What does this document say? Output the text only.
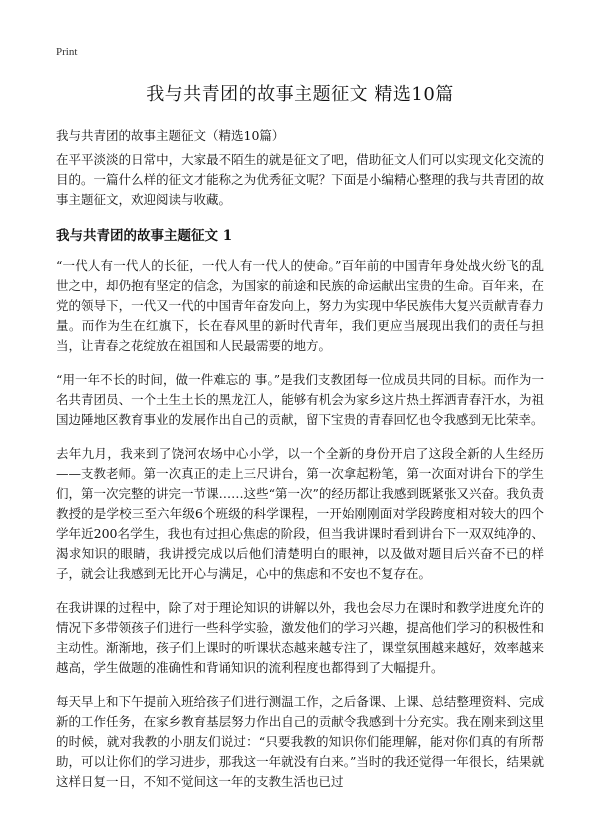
Print
我与共青团的故事主题征文 精选10篇
我与共青团的故事主题征文（精选10篇）

在平平淡淡的日常中，大家最不陌生的就是征文了吧，借助征文人们可以实现文化交流的目的。一篇什么样的征文才能称之为优秀征文呢？下面是小编精心整理的我与共青团的故事主题征文，欢迎阅读与收藏。

我与共青团的故事主题征文 1

“一代人有一代人的长征，一代人有一代人的使命。”百年前的中国青年身处战火纷飞的乱世之中，却仍抱有坚定的信念，为国家的前途和民族的命运献出宝贵的生命。百年来，在党的领导下，一代又一代的中国青年奋发向上，努力为实现中华民族伟大复兴贡献青春力量。而作为生在红旗下，长在春风里的新时代青年，我们更应当展现出我们的责任与担当，让青春之花绽放在祖国和人民最需要的地方。

“用一年不长的时间，做一件难忘的 事。”是我们支教团每一位成员共同的目标。而作为一名共青团员、一个土生土长的黑龙江人，能够有机会为家乡这片热土挥洒青春汗水，为祖国边陲地区教育事业的发展作出自己的贡献，留下宝贵的青春回忆也令我感到无比荣幸。

去年九月，我来到了饶河农场中心小学，以一个全新的身份开启了这段全新的人生经历——支教老师。第一次真正的走上三尺讲台，第一次拿起粉笔，第一次面对讲台下的学生们，第一次完整的讲完一节课……这些“第一次”的经历都让我感到既紧张又兴奋。我负责教授的是学校三至六年级6个班级的科学课程，一开始刚刚面对学段跨度相对较大的四个学年近200名学生，我也有过担心焦虑的阶段，但当我讲课时看到讲台下一双双纯净的、渴求知识的眼睛，我讲授完成以后他们清楚明白的眼神，以及做对题目后兴奋不已的样子，就会让我感到无比开心与满足，心中的焦虑和不安也不复存在。

在我讲课的过程中，除了对于理论知识的讲解以外，我也会尽力在课时和教学进度允许的情况下多带领孩子们进行一些科学实验，激发他们的学习兴趣，提高他们学习的积极性和主动性。渐渐地，孩子们上课时的听课状态越来越专注了，课堂氛围越来越好，效率越来越高，学生做题的准确性和背诵知识的流利程度也都得到了大幅提升。

每天早上和下午提前入班给孩子们进行测温工作，之后备课、上课、总结整理资料、完成新的工作任务，在家乡教育基层努力作出自己的贡献令我感到十分充实。我在刚来到这里的时候，就对我教的小朋友们说过：“只要我教的知识你们能理解，能对你们真的有所帮助，可以让你们的学习进步，那我这一年就没有白来。”当时的我还觉得一年很长，结果就这样日复一日，不知不觉间这一年的支教生活也已过
